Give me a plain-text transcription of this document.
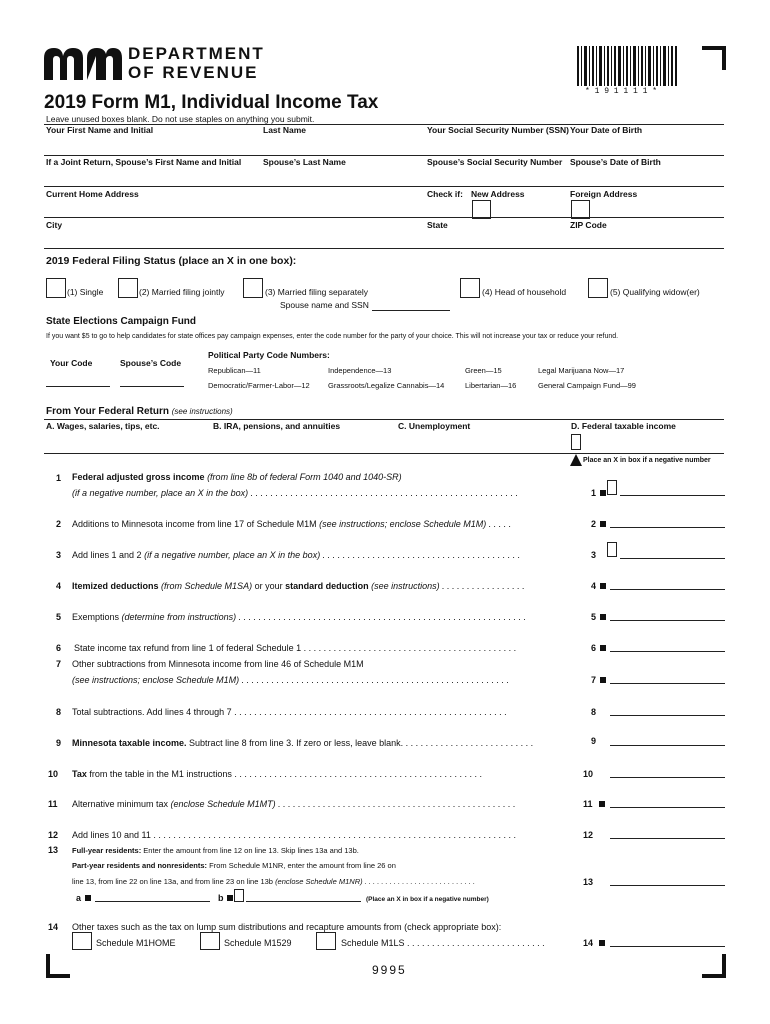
DEPARTMENT
OF REVENUE
* 1 9 1 1 1 1 *
2019 Form M1, Individual Income Tax
Leave unused boxes blank. Do not use staples on anything you submit.
Your First Name and Initial	Last Name	Your Social Security Number (SSN) Your Date of Birth
If a Joint Return, Spouse’s First Name and Initial	Spouse’s Last Name	Spouse’s Social Security Number Spouse’s Date of Birth
Current Home Address	Check if: New Address	Foreign Address
City	State	ZIP Code
2019 Federal Filing Status (place an X in one box):
(1) Single	(2) Married filing jointly	(3) Married filing separately
Spouse name and SSN
(4) Head of household	(5) Qualifying widow(er)
State Elections Campaign Fund
If you want $5 to go to help candidates for state offices pay campaign expenses, enter the code number for the party of your choice. This will not increase your tax or reduce your refund.
Your Code	Spouse’s Code
Political Party Code Numbers:
Republican—11	Independence—13	Green—15	Legal Marijuana Now—17
Democratic/Farmer-Labor—12 Grassroots/Legalize Cannabis—14	Libertarian—16	General Campaign Fund—99
From Your Federal Return (see instructions)
A. Wages, salaries, tips, etc.	B. IRA, pensions, and annuities	C. Unemployment	D. Federal taxable income
Place an X in box if a negative number
1 Federal adjusted gross income (from line 8b of federal Form 1040 and 1040-SR)
(if a negative number, place an X in the box) . . . . . . . . . . . . . . . . . . . . . . . . . . . . . . . . . . . . . . . . . . . . . . . . . . . . . .	1
2 Additions to Minnesota income from line 17 of Schedule M1M (see instructions; enclose Schedule M1M) . . . . .	2
3 Add lines 1 and 2 (if a negative number, place an X in the box) . . . . . . . . . . . . . . . . . . . . . . . . . . . . . . . . . . . . . . . .	3
4 Itemized deductions (from Schedule M1SA) or your standard deduction (see instructions) . . . . . . . . . . . . . . . . .	4
5 Exemptions (determine from instructions) . . . . . . . . . . . . . . . . . . . . . . . . . . . . . . . . . . . . . . . . . . . . . . . . . . . . . . . . . .	5
6 State income tax refund from line 1 of federal Schedule 1 . . . . . . . . . . . . . . . . . . . . . . . . . . . . . . . . . . . . . . . . . . .	6
7 Other subtractions from Minnesota income from line 46 of Schedule M1M
(see instructions; enclose Schedule M1M) . . . . . . . . . . . . . . . . . . . . . . . . . . . . . . . . . . . . . . . . . . . . . . . . . . . . . .	7
8 Total subtractions. Add lines 4 through 7 . . . . . . . . . . . . . . . . . . . . . . . . . . . . . . . . . . . . . . . . . . . . . . . . . . . . . . .	8
9 Minnesota taxable income. Subtract line 8 from line 3. If zero or less, leave blank. . . . . . . . . . . . . . . . . . . . . . . . . . .	9
10 Tax from the table in the M1 instructions . . . . . . . . . . . . . . . . . . . . . . . . . . . . . . . . . . . . . . . . . . . . . . . . . .	10
11 Alternative minimum tax (enclose Schedule M1MT) . . . . . . . . . . . . . . . . . . . . . . . . . . . . . . . . . . . . . . . . . . . . . . . .	11
12 Add lines 10 and 11 . . . . . . . . . . . . . . . . . . . . . . . . . . . . . . . . . . . . . . . . . . . . . . . . . . . . . . . . . . . . . . . . . . . . . . . . .	12
13 Full-year residents: Enter the amount from line 12 on line 13. Skip lines 13a and 13b.
Part-year residents and nonresidents: From Schedule M1NR, enter the amount from line 26 on
line 13, from line 22 on line 13a, and from line 23 on line 13b (enclose Schedule M1NR) . . . . . . . . . . . . . . . . . . . . . . . . . . .	13
a	b	(Place an X in box if a negative number)
14 Other taxes such as the tax on lump sum distributions and recapture amounts from (check appropriate box):
Schedule M1HOME	Schedule M1529	Schedule M1LS . . . . . . . . . . . . . . . . . . . . . . . . . . . .	14
9995
